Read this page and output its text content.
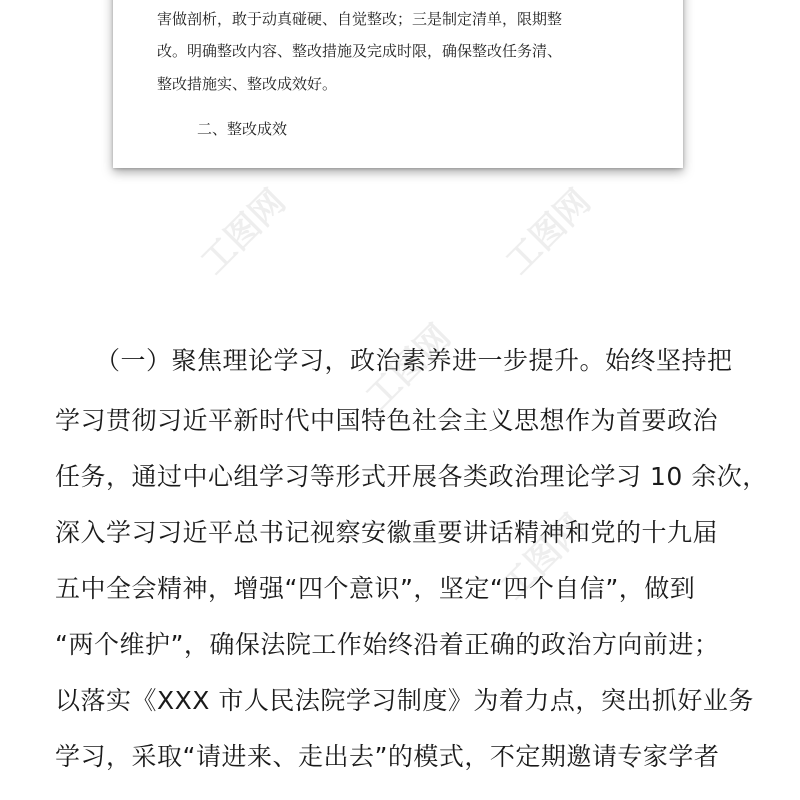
害做剖析，敢于动真碰硬、自觉整改；三是制定清单，限期整
改。明确整改内容、整改措施及完成时限，确保整改任务清、
整改措施实、整改成效好。
二、整改成效
工图网	工图网
工图网
工图网
（一）聚焦理论学习，政治素养进一步提升。始终坚持把
学习贯彻习近平新时代中国特色社会主义思想作为首要政治
任务，通过中心组学习等形式开展各类政治理论学习 10 余次，
深入学习习近平总书记视察安徽重要讲话精神和党的十九届
五中全会精神，增强“四个意识”，坚定“四个自信”，做到
“两个维护”，确保法院工作始终沿着正确的政治方向前进；
以落实《XXX 市人民法院学习制度》为着力点，突出抓好业务
学习，采取“请进来、走出去”的模式，不定期邀请专家学者
